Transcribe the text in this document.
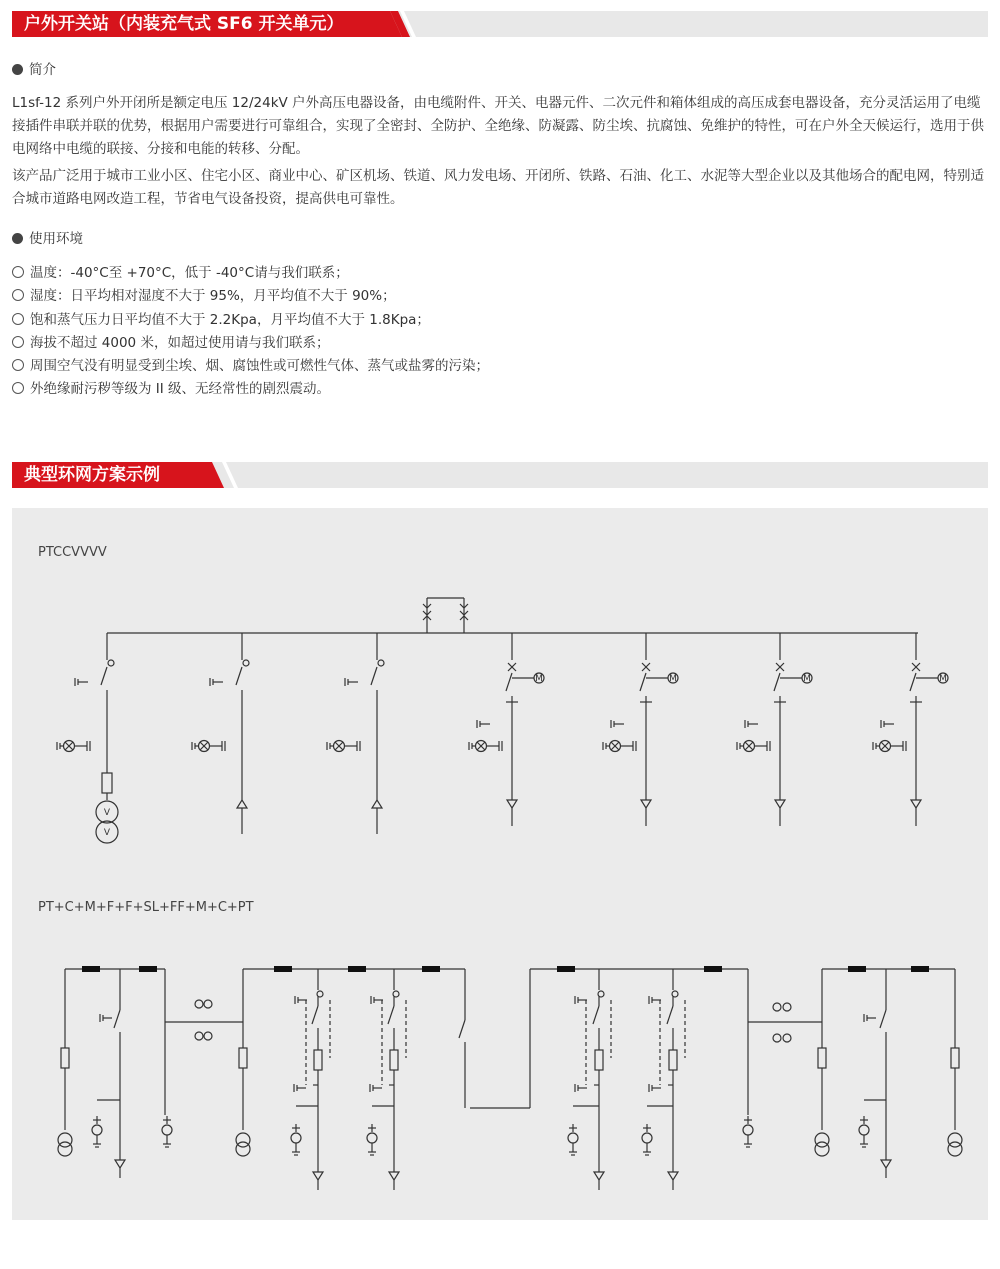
户外开关站（内装充气式 SF6 开关单元）
简介
L1sf-12 系列户外开闭所是额定电压 12/24kV 户外高压电器设备，由电缆附件、开关、电器元件、二次元件和箱体组成的高压成套电器设备，充分灵活运用了电缆接插件串联并联的优势，根据用户需要进行可靠组合，实现了全密封、全防护、全绝缘、防凝露、防尘埃、抗腐蚀、免维护的特性，可在户外全天候运行，选用于供电网络中电缆的联接、分接和电能的转移、分配。
该产品广泛用于城市工业小区、住宅小区、商业中心、矿区机场、铁道、风力发电场、开闭所、铁路、石油、化工、水泥等大型企业以及其他场合的配电网，特别适合城市道路电网改造工程，节省电气设备投资，提高供电可靠性。
使用环境
温度：-40°C至 +70°C，低于 -40°C请与我们联系；
湿度：日平均相对湿度不大于 95%，月平均值不大于 90%；
饱和蒸气压力日平均值不大于 2.2Kpa，月平均值不大于 1.8Kpa；
海拔不超过 4000 米，如超过使用请与我们联系；
周围空气没有明显受到尘埃、烟、腐蚀性或可燃性气体、蒸气或盐雾的污染；
外绝缘耐污秽等级为 II 级、无经常性的剧烈震动。
典型环网方案示例
PTCCVVVV
PT+C+M+F+F+SL+FF+M+C+PT
V
V
M	M	M	M
